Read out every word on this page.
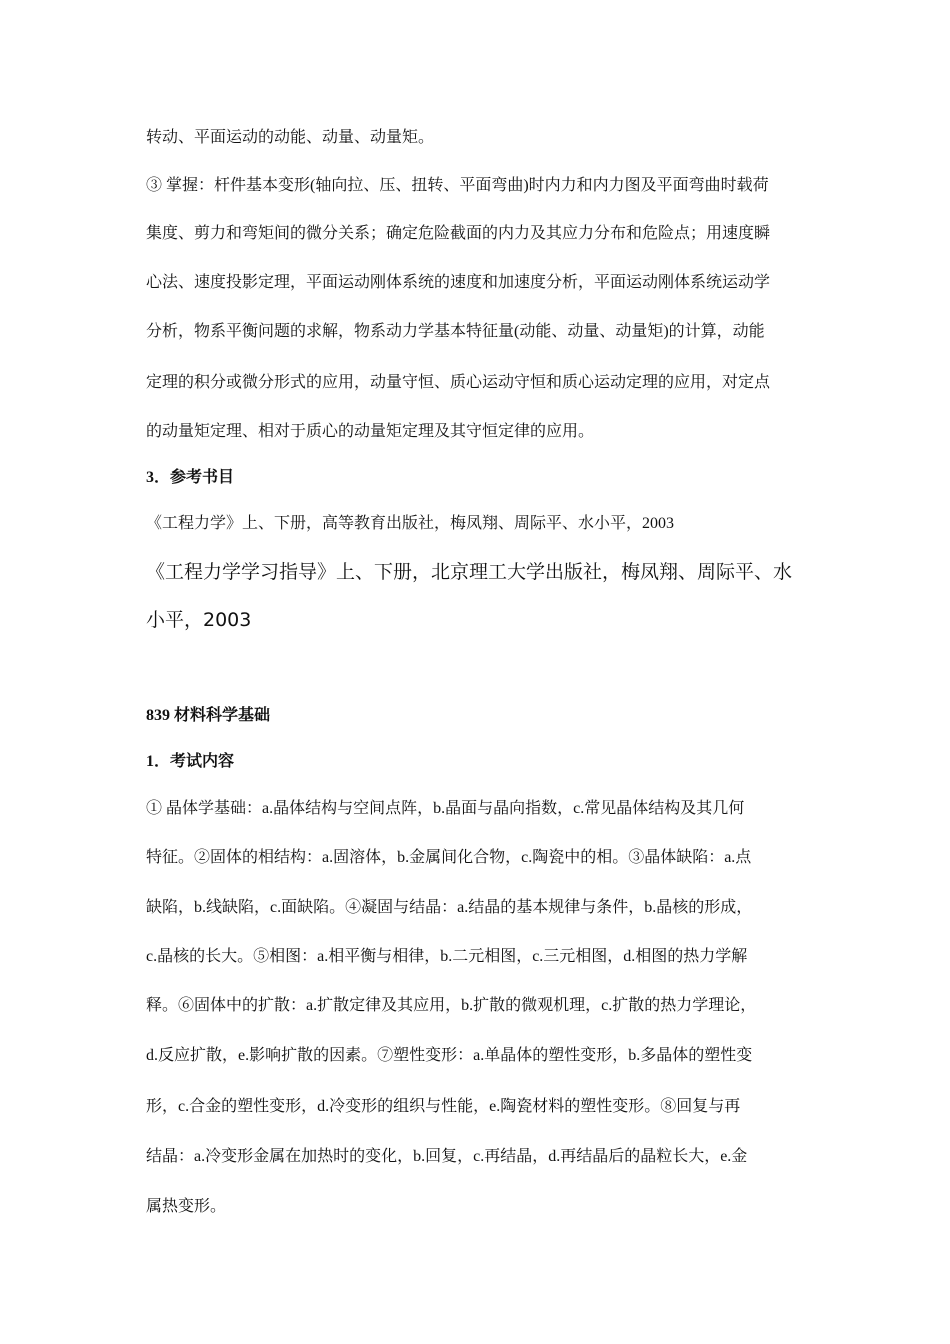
转动、平面运动的动能、动量、动量矩。
③ 掌握：杆件基本变形(轴向拉、压、扭转、平面弯曲)时内力和内力图及平面弯曲时载荷
集度、剪力和弯矩间的微分关系；确定危险截面的内力及其应力分布和危险点；用速度瞬
心法、速度投影定理，平面运动刚体系统的速度和加速度分析，平面运动刚体系统运动学
分析，物系平衡问题的求解，物系动力学基本特征量(动能、动量、动量矩)的计算，动能
定理的积分或微分形式的应用，动量守恒、质心运动守恒和质心运动定理的应用，对定点
的动量矩定理、相对于质心的动量矩定理及其守恒定律的应用。
3．参考书目
《工程力学》上、下册，高等教育出版社，梅凤翔、周际平、水小平，2003
《工程力学学习指导》上、下册，北京理工大学出版社，梅凤翔、周际平、水
小平，2003
839 材料科学基础
1．考试内容
① 晶体学基础：a.晶体结构与空间点阵，b.晶面与晶向指数，c.常见晶体结构及其几何
特征。②固体的相结构：a.固溶体，b.金属间化合物，c.陶瓷中的相。③晶体缺陷：a.点
缺陷，b.线缺陷，c.面缺陷。④凝固与结晶：a.结晶的基本规律与条件，b.晶核的形成，
c.晶核的长大。⑤相图：a.相平衡与相律，b.二元相图，c.三元相图，d.相图的热力学解
释。⑥固体中的扩散：a.扩散定律及其应用，b.扩散的微观机理，c.扩散的热力学理论，
d.反应扩散，e.影响扩散的因素。⑦塑性变形：a.单晶体的塑性变形，b.多晶体的塑性变
形，c.合金的塑性变形，d.冷变形的组织与性能，e.陶瓷材料的塑性变形。⑧回复与再
结晶：a.冷变形金属在加热时的变化，b.回复，c.再结晶，d.再结晶后的晶粒长大，e.金
属热变形。
